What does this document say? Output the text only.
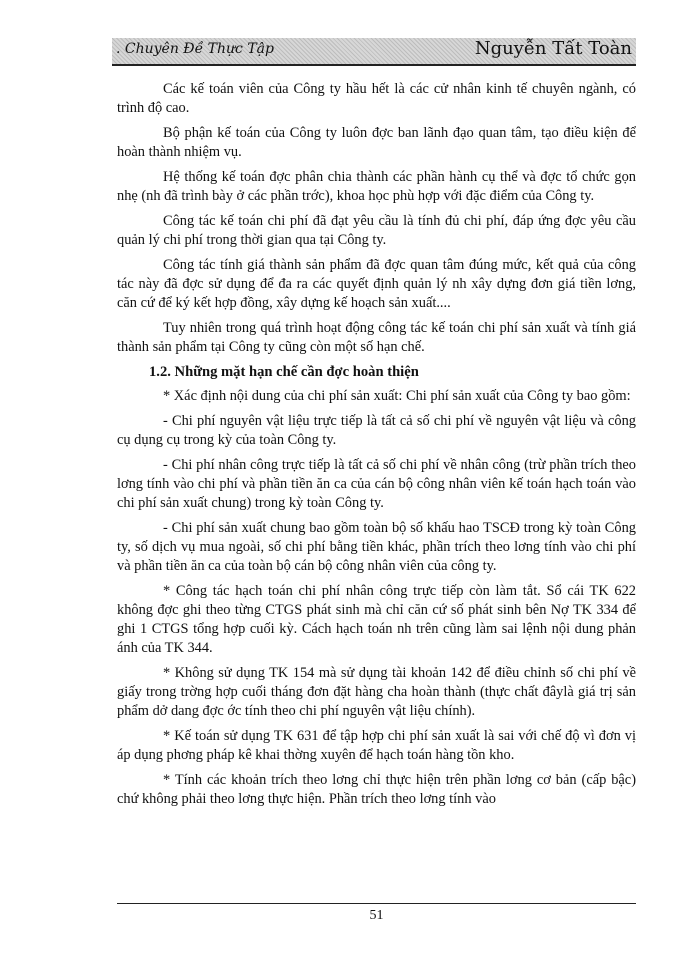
. Chuyên Đề Thực Tập	Nguyễn Tất Toàn

Các kế toán viên của Công ty hầu hết là các cử nhân kinh tế chuyên ngành, có trình độ cao.

Bộ phận kế toán của Công ty luôn đợc ban lãnh đạo quan tâm, tạo điều kiện để hoàn thành nhiệm vụ.

Hệ thống kế toán đợc phân chia thành các phần hành cụ thể và đợc tổ chức gọn nhẹ (nh đã trình bày ở các phần trớc), khoa học phù hợp với đặc điểm của Công ty.

Công tác kế toán chi phí đã đạt yêu cầu là tính đủ chi phí, đáp ứng đợc yêu cầu quản lý chi phí trong thời gian qua tại Công ty.

Công tác tính giá thành sản phẩm đã đợc quan tâm đúng mức, kết quả của công tác này đã đợc sử dụng để đa ra các quyết định quản lý nh xây dựng đơn giá tiền lơng, căn cứ để ký kết hợp đồng, xây dựng kế hoạch sản xuất....

Tuy nhiên trong quá trình hoạt động công tác kế toán chi phí sản xuất và tính giá thành sản phẩm tại Công ty cũng còn một số hạn chế.

1.2. Những mặt hạn chế cần đợc hoàn thiện

* Xác định nội dung của chi phí sản xuất: Chi phí sản xuất của Công ty bao gồm:

- Chi phí nguyên vật liệu trực tiếp là tất cả số chi phí về nguyên vật liệu và công cụ dụng cụ trong kỳ của toàn Công ty.

- Chi phí nhân công trực tiếp là tất cả số chi phí về nhân công (trừ phần trích theo lơng tính vào chi phí và phần tiền ăn ca của cán bộ công nhân viên kế toán hạch toán vào chi phí sản xuất chung) trong kỳ toàn Công ty.

- Chi phí sản xuất chung bao gồm toàn bộ số khấu hao TSCĐ trong kỳ toàn Công ty, số dịch vụ mua ngoài, số chi phí bằng tiền khác, phần trích theo lơng tính vào chi phí và phần tiền ăn ca của toàn bộ cán bộ công nhân viên của công ty.

* Công tác hạch toán chi phí nhân công trực tiếp còn làm tắt. Sổ cái TK 622 không đợc ghi theo từng CTGS phát sinh mà chỉ căn cứ số phát sinh bên Nợ TK 334 để ghi 1 CTGS tổng hợp cuối kỳ. Cách hạch toán nh trên cũng làm sai lệnh nội dung phản ánh của TK 344.

* Không sử dụng TK 154 mà sử dụng tài khoản 142 để điều chỉnh số chi phí về giấy trong trờng hợp cuối tháng đơn đặt hàng cha hoàn thành (thực chất đâylà giá trị sản phẩm dở dang đợc ớc tính theo chi phí nguyên vật liệu chính).

* Kế toán sử dụng TK 631 để tập hợp chi phí sản xuất là sai với chế độ vì đơn vị áp dụng phơng pháp kê khai thờng xuyên để hạch toán hàng tồn kho.

* Tính các khoản trích theo lơng chỉ thực hiện trên phần lơng cơ bản (cấp bậc) chứ không phải theo lơng thực hiện. Phần trích theo lơng tính vào

51
